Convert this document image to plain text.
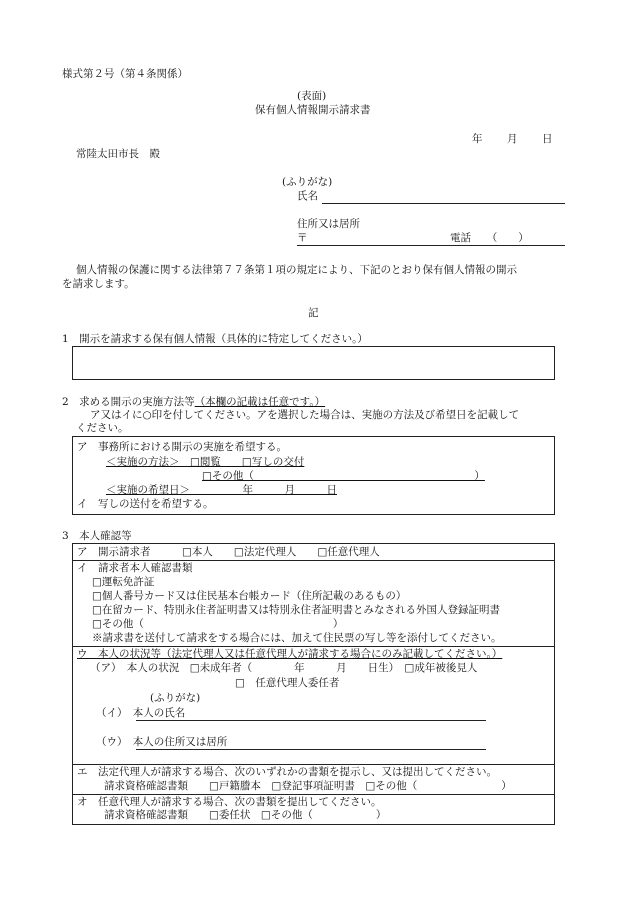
様式第２号（第４条関係）
(表面)
保有個人情報開示請求書
年 月 日
常陸太田市長　殿
(ふりがな)
氏名
住所又は居所
〒	電話　　（　　）
個人情報の保護に関する法律第７７条第１項の規定により、下記のとおり保有個人情報の開示
を請求します。
記
1　開示を請求する保有個人情報（具体的に特定してください。）
2　求める開示の実施方法等（本欄の記載は任意です。）
ア又はイに○印を付してください。アを選択した場合は、実施の方法及び希望日を記載して
ください。
ア　事務所における開示の実施を希望する。
＜実施の方法＞　□閲覧　　□写しの交付
□その他（　　　　　　　　　　　　　　　　　　　　　）
＜実施の希望日＞　　　　　年　　　月　　　日
イ　写しの送付を希望する。
3　本人確認等
ア　開示請求者　　　□本人　　□法定代理人　　□任意代理人
イ　請求者本人確認書類
□運転免許証
□個人番号カード又は住民基本台帳カード（住所記載のあるもの）
□在留カード、特別永住者証明書又は特別永住者証明書とみなされる外国人登録証明書
□その他（　　　　　　　　　　　　　　　　　　）
※請求書を送付して請求をする場合には、加えて住民票の写し等を添付してください。
ウ　本人の状況等（法定代理人又は任意代理人が請求する場合にのみ記載してください。）
（ア）　本人の状況　□未成年者（　　　　年　　　月　　日生）　□成年被後見人
□　任意代理人委任者
(ふりがな)
（イ）　本人の氏名
（ウ）　本人の住所又は居所
エ　法定代理人が請求する場合、次のいずれかの書類を提示し、又は提出してください。
請求資格確認書類　　□戸籍謄本　□登記事項証明書　□その他（　　　　　　　　）
オ　任意代理人が請求する場合、次の書類を提出してください。
請求資格確認書類　　□委任状　□その他（　　　　　　）
